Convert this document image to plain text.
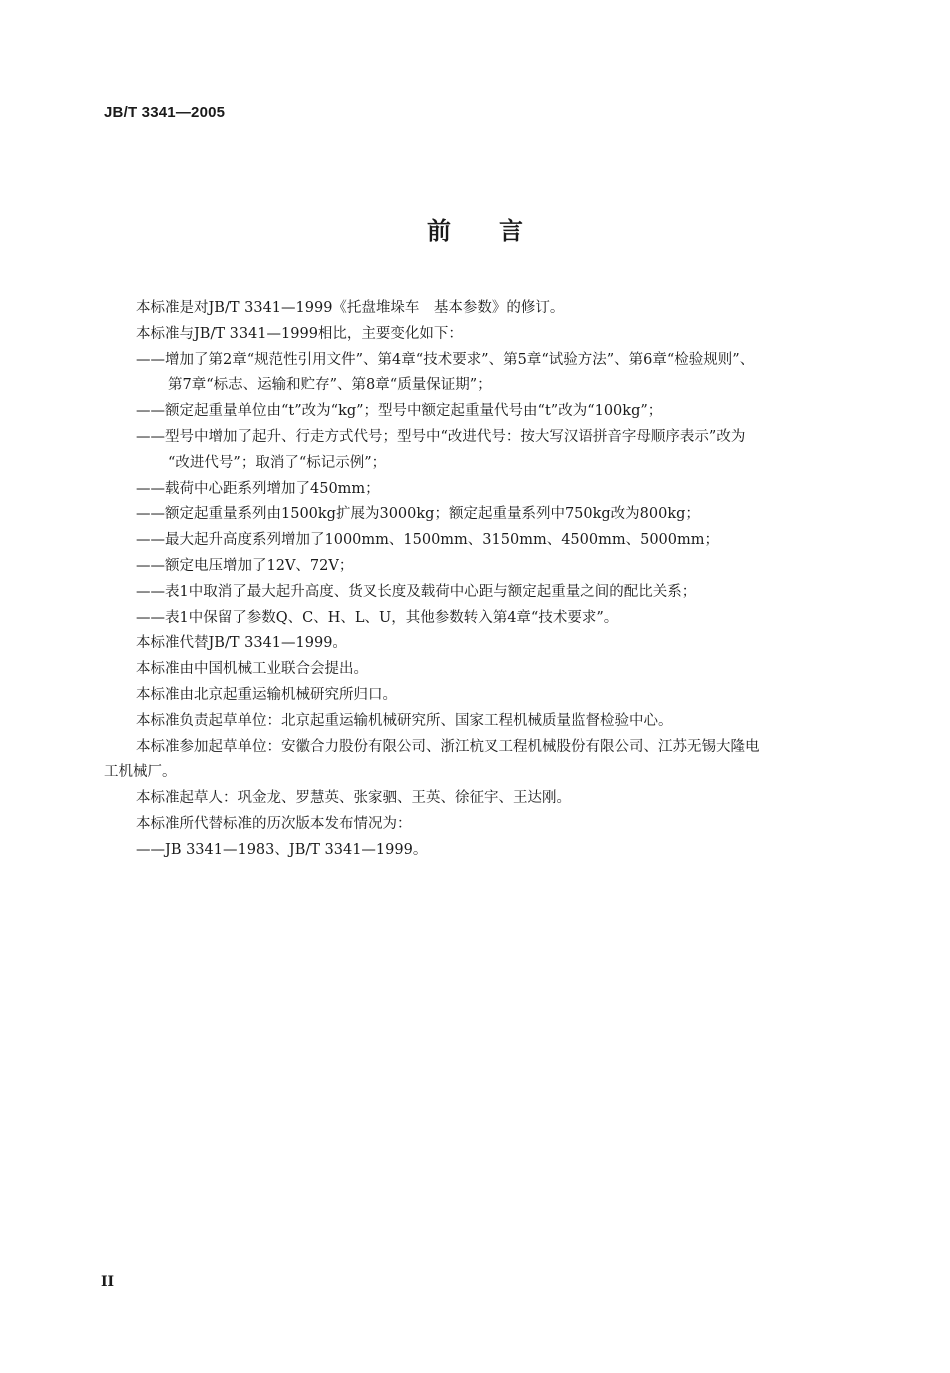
JB/T 3341—2005
前言

本标准是对JB/T 3341—1999《托盘堆垛车　基本参数》的修订。

本标准与JB/T 3341—1999相比，主要变化如下：

——增加了第2章“规范性引用文件”、第4章“技术要求”、第5章“试验方法”、第6章“检验规则”、

第7章“标志、运输和贮存”、第8章“质量保证期”；

——额定起重量单位由“t”改为“kg”；型号中额定起重量代号由“t”改为“100kg”；

——型号中增加了起升、行走方式代号；型号中“改进代号：按大写汉语拼音字母顺序表示”改为

“改进代号”；取消了“标记示例”；

——载荷中心距系列增加了450mm；

——额定起重量系列由1500kg扩展为3000kg；额定起重量系列中750kg改为800kg；

——最大起升高度系列增加了1000mm、1500mm、3150mm、4500mm、5000mm；

——额定电压增加了12V、72V；

——表1中取消了最大起升高度、货叉长度及载荷中心距与额定起重量之间的配比关系；

——表1中保留了参数Q、C、H、L、U，其他参数转入第4章“技术要求”。

本标准代替JB/T 3341—1999。

本标准由中国机械工业联合会提出。

本标准由北京起重运输机械研究所归口。

本标准负责起草单位：北京起重运输机械研究所、国家工程机械质量监督检验中心。

本标准参加起草单位：安徽合力股份有限公司、浙江杭叉工程机械股份有限公司、江苏无锡大隆电

工机械厂。

本标准起草人：巩金龙、罗慧英、张家驷、王英、徐征宇、王达刚。

本标准所代替标准的历次版本发布情况为：

——JB 3341—1983、JB/T 3341—1999。

II
